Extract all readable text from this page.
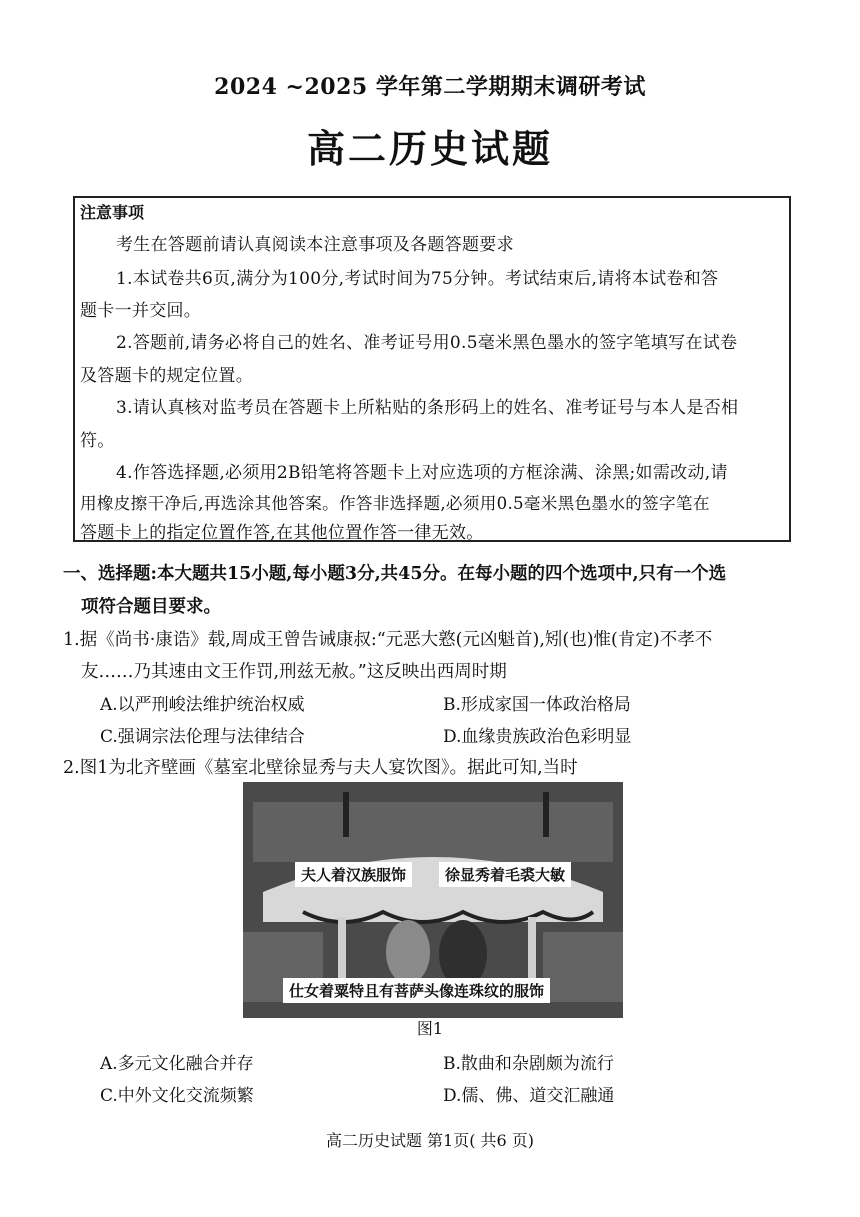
2024 ~2025 学年第二学期期末调研考试
高二历史试题
注意事项
考生在答题前请认真阅读本注意事项及各题答题要求
1.本试卷共6页,满分为100分,考试时间为75分钟。考试结束后,请将本试卷和答
题卡一并交回。
2.答题前,请务必将自己的姓名、准考证号用0.5毫米黑色墨水的签字笔填写在试卷
及答题卡的规定位置。
3.请认真核对监考员在答题卡上所粘贴的条形码上的姓名、准考证号与本人是否相
符。
4.作答选择题,必须用2B铅笔将答题卡上对应选项的方框涂满、涂黑;如需改动,请
用橡皮擦干净后,再选涂其他答案。作答非选择题,必须用0.5毫米黑色墨水的签字笔在
答题卡上的指定位置作答,在其他位置作答一律无效。
一、选择题:本大题共15小题,每小题3分,共45分。在每小题的四个选项中,只有一个选
项符合题目要求。
1.据《尚书·康诰》载,周成王曾告诫康叔:“元恶大憝(元凶魁首),矧(也)惟(肯定)不孝不
友……乃其速由文王作罚,刑兹无赦。”这反映出西周时期
A.以严刑峻法维护统治权威	B.形成家国一体政治格局
C.强调宗法伦理与法律结合	D.血缘贵族政治色彩明显
2.图1为北齐壁画《墓室北壁徐显秀与夫人宴饮图》。据此可知,当时
夫人着汉族服饰	徐显秀着毛裘大敏
仕女着粟特且有菩萨头像连珠纹的服饰
图1
A.多元文化融合并存	B.散曲和杂剧颇为流行
C.中外文化交流频繁	D.儒、佛、道交汇融通
高二历史试题 第1页( 共6 页)
